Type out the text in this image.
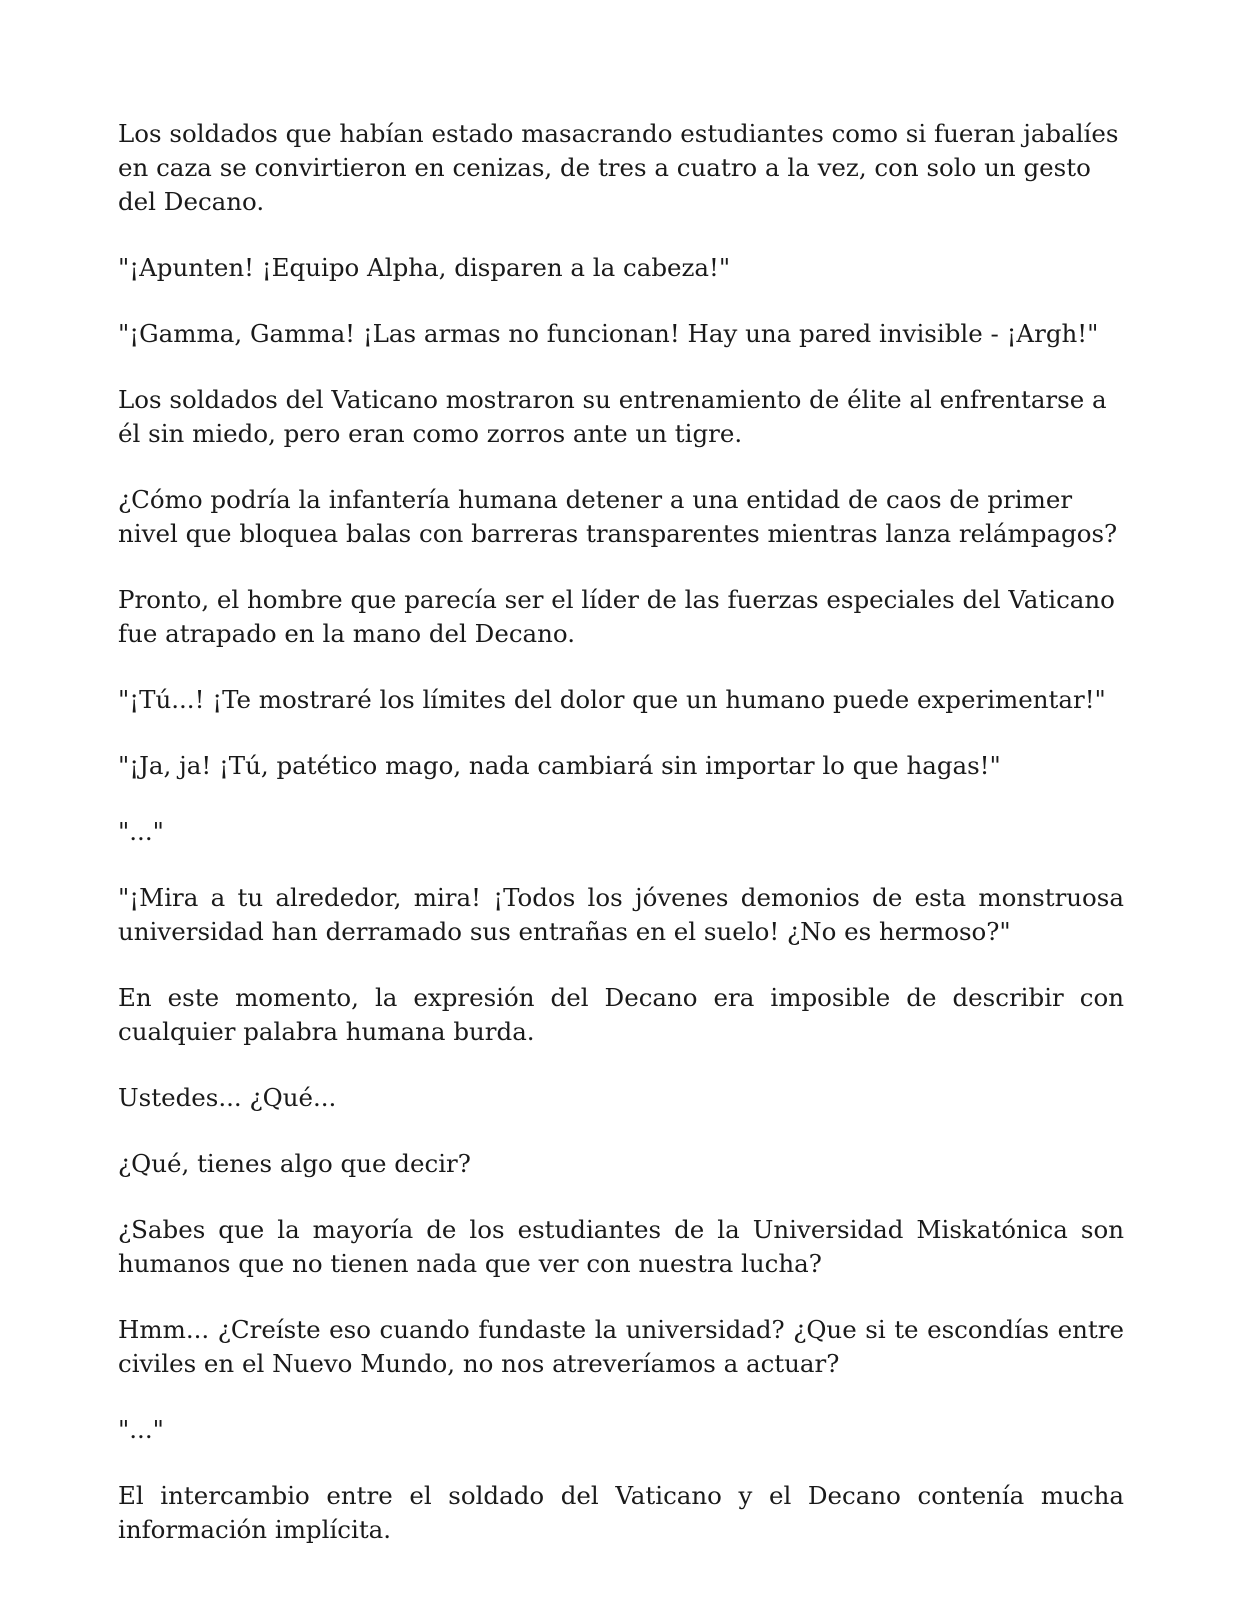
Los soldados que habían estado masacrando estudiantes como si fueran jabalíes en caza se convirtieron en cenizas, de tres a cuatro a la vez, con solo un gesto del Decano.

"¡Apunten! ¡Equipo Alpha, disparen a la cabeza!"

"¡Gamma, Gamma! ¡Las armas no funcionan! Hay una pared invisible - ¡Argh!"

Los soldados del Vaticano mostraron su entrenamiento de élite al enfrentarse a él sin miedo, pero eran como zorros ante un tigre.

¿Cómo podría la infantería humana detener a una entidad de caos de primer nivel que bloquea balas con barreras transparentes mientras lanza relámpagos?

Pronto, el hombre que parecía ser el líder de las fuerzas especiales del Vaticano fue atrapado en la mano del Decano.

"¡Tú...! ¡Te mostraré los límites del dolor que un humano puede experimentar!"

"¡Ja, ja! ¡Tú, patético mago, nada cambiará sin importar lo que hagas!"

"..."

"¡Mira a tu alrededor, mira! ¡Todos los jóvenes demonios de esta monstruosa universidad han derramado sus entrañas en el suelo! ¿No es hermoso?"

En este momento, la expresión del Decano era imposible de describir con cualquier palabra humana burda.

Ustedes... ¿Qué...

¿Qué, tienes algo que decir?

¿Sabes que la mayoría de los estudiantes de la Universidad Miskatónica son humanos que no tienen nada que ver con nuestra lucha?

Hmm... ¿Creíste eso cuando fundaste la universidad? ¿Que si te escondías entre civiles en el Nuevo Mundo, no nos atreveríamos a actuar?

"..."

El intercambio entre el soldado del Vaticano y el Decano contenía mucha información implícita.
